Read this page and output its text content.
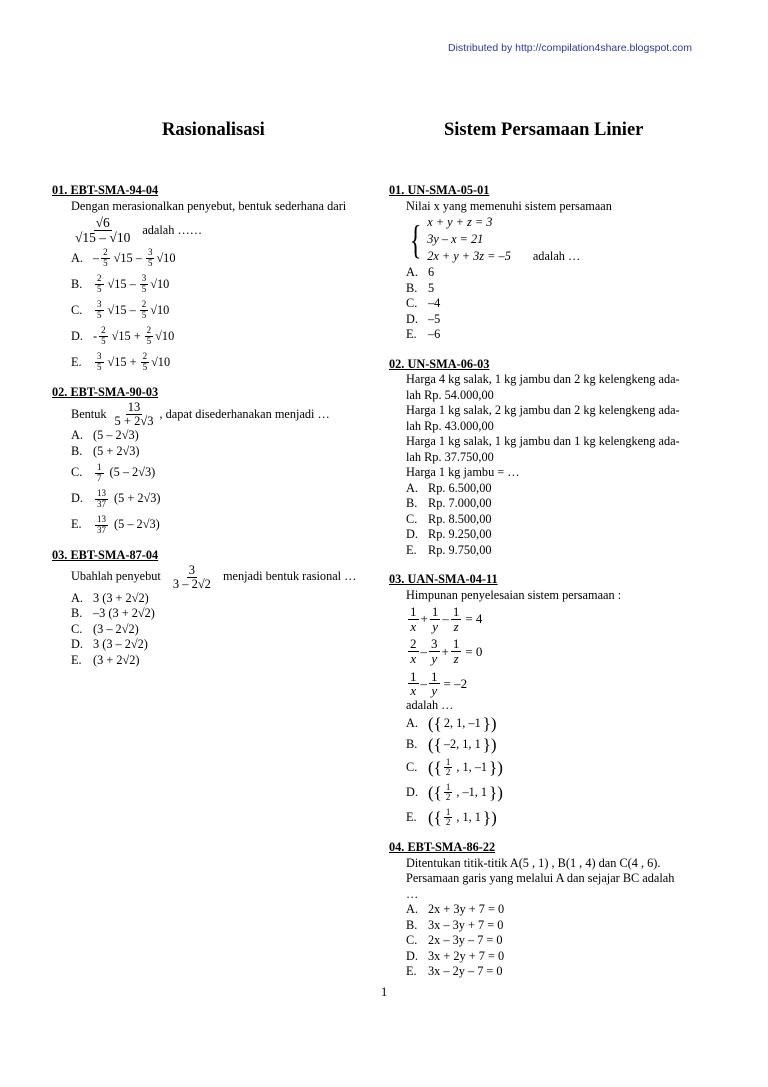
Distributed by http://compilation4share.blogspot.com
Rasionalisasi	Sistem Persamaan Linier
01. EBT-SMA-94-04
Dengan merasionalkan penyebut, bentuk sederhana dari
$\frac{√6}{√15 - √10}$ adalah ……
A. – $\frac{2}{5} √15 - \frac{3}{5} √10$
B.	$\frac{2}{5} √15 - \frac{3}{5} √10$
C.	$\frac{3}{5} √15 - \frac{2}{5} √10$
D. - $\frac{2}{5} √15 + \frac{2}{5} √10$
E.	$\frac{3}{5} √15 + \frac{2}{5} √10$
02. EBT-SMA-90-03
Bentuk $\frac{13}{5 + 2√3}$ , dapat disederhanakan menjadi …
A. (5 – 2√3)
B. (5 + 2√3)
C.	$\frac{1}{7} (5 - 2√3)$
D.	$\frac{13}{37} (5 + 2√3)$
E.	$\frac{13}{37} (5 - 2√3)$
03. EBT-SMA-87-04
Ubahlah penyebut $\frac{3}{3 - 2√2}$ menjadi bentuk rasional …
A. 3 (3 + 2√2)
B. –3 (3 + 2√2)
C. (3 – 2√2)
D. 3 (3 – 2√2)
E. (3 + 2√2)
01. UN-SMA-05-01
Nilai x yang memenuhi sistem persamaan
{ x + y + z = 3
3y – x = 21
2x + y + 3z = –5 adalah …
A. 6
B. 5
C. –4
D. –5
E. –6
02. UN-SMA-06-03
Harga 4 kg salak, 1 kg jambu dan 2 kg kelengkeng ada-
lah Rp. 54.000,00
Harga 1 kg salak, 2 kg jambu dan 2 kg kelengkeng ada-
lah Rp. 43.000,00
Harga 1 kg salak, 1 kg jambu dan 1 kg kelengkeng ada-
lah Rp. 37.750,00
Harga 1 kg jambu = …
A. Rp. 6.500,00
B. Rp. 7.000,00
C. Rp. 8.500,00
D. Rp. 9.250,00
E. Rp. 9.750,00
03. UAN-SMA-04-11
Himpunan penyelesaian sistem persamaan :
$\frac{1}{x} + \frac{1}{y} - \frac{1}{z} = 4$
$\frac{2}{x} - \frac{3}{y} + \frac{1}{z} = 0$
$\frac{1}{x} - \frac{1}{y} = -2$
adalah …
A. ({ 2, 1, –1 })
B. ({ –2, 1, 1 })
C. ({ $\frac{1}{2}$ , 1, –1 })
D. ({ $\frac{1}{2}$ , –1, 1 })
E. ({ $\frac{1}{2}$ , 1, 1 })
04. EBT-SMA-86-22
Ditentukan titik-titik A(5 , 1) , B(1 , 4) dan C(4 , 6).
Persamaan garis yang melalui A dan sejajar BC adalah
…
A. 2x + 3y + 7 = 0
B. 3x – 3y + 7 = 0
C. 2x – 3y – 7 = 0
D. 3x + 2y + 7 = 0
E. 3x – 2y – 7 = 0
1
